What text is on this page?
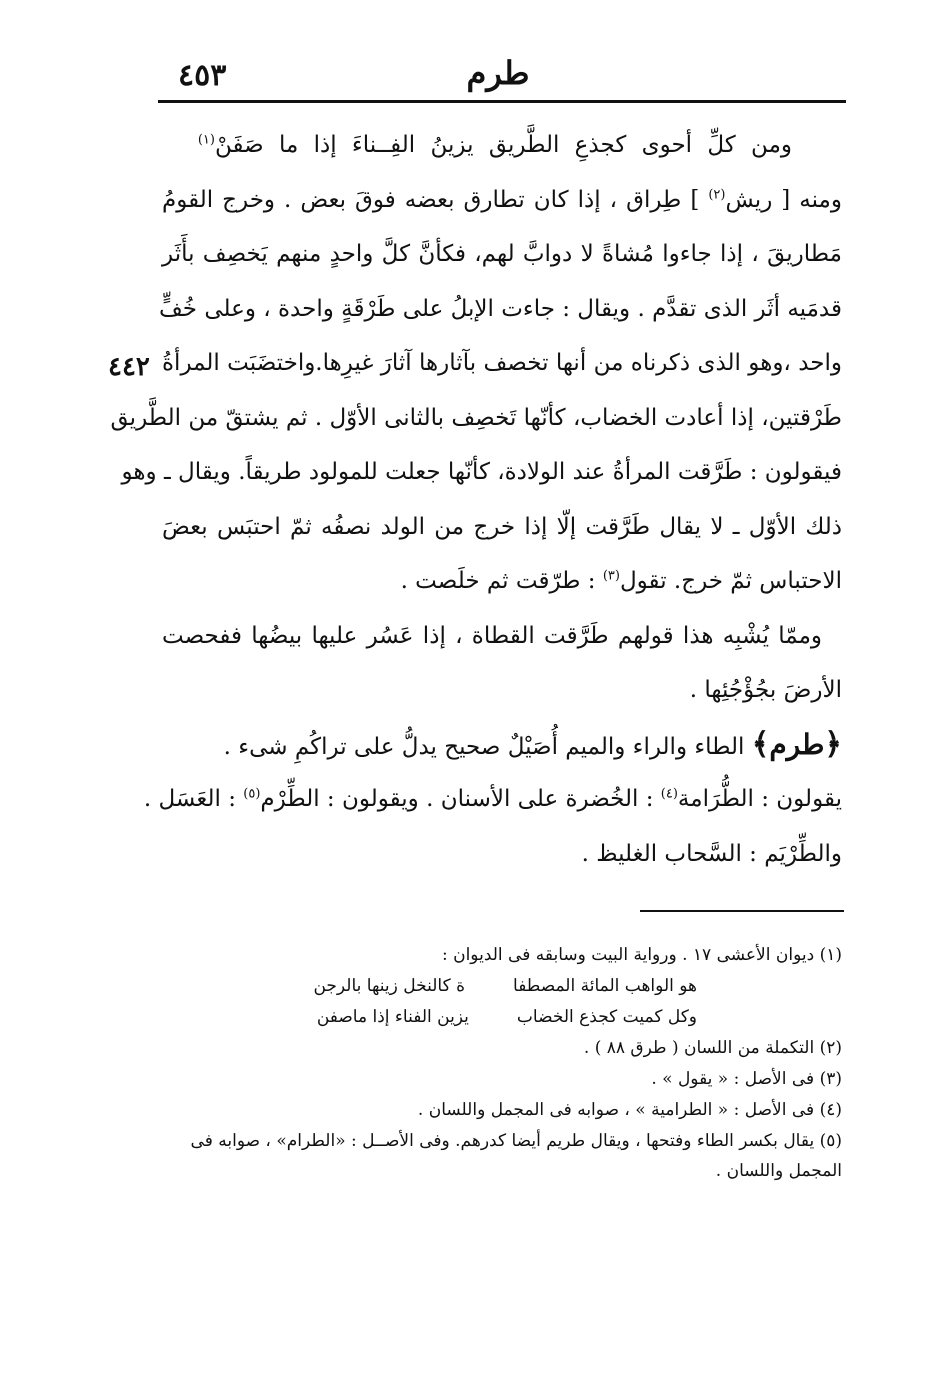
٤٥٣	طرم
٤٤٢
ومن كلِّ أحوى كجذعِ الطَّريق يزينُ الفِــناءَ إذا ما صَفَنْ$^{(١)}$
ومنه [ ريش$^{(٢)}$ ] طِراق ، إذا كان تطارق بعضه فوقَ بعض . وخرج القومُ
مَطاريقَ ، إذا جاءوا مُشاةً لا دوابَّ لهم، فكأنَّ كلَّ واحدٍ منهم يَخصِف بأَثَر
قدمَيه أثَر الذى تقدَّم . ويقال : جاءت الإبلُ على طَرْقَةٍ واحدة ، وعلى خُفٍّ
واحد ،وهو الذى ذكرناه من أنها تخصف بآثارها آثارَ غيرِها.واختضَبَت المرأةُ
طَرْقتين، إذا أعادت الخضاب، كأنّها تَخصِف بالثانى الأوّل . ثم يشتقّ من الطَّريق
فيقولون : طَرَّقت المرأةُ عند الولادة، كأنّها جعلت للمولود طريقاً. ويقال ـ وهو
ذلك الأوّل ـ لا يقال طَرَّقت إلّا إذا خرج من الولد نصفُه ثمّ احتبَس بعضَ
الاحتباس ثمّ خرج. تقول$^{(٣)}$ : طرّقت ثم خلَصت .
وممّا يُشْبِه هذا قولهم طَرَّقت القطاة ، إذا عَسُر عليها بيضُها ففحصت
الأرضَ بجُؤْجُئِها .
﴿طرم﴾ الطاء والراء والميم أُصَيْلٌ صحيح يدلُّ على تراكُمِ شىء .
يقولون : الطُّرَامة$^{(٤)}$ : الخُضرة على الأسنان . ويقولون : الطِّرْم$^{(٥)}$ : العَسَل .
والطِّرْيَم : السَّحاب الغليظ .
(١) ديوان الأعشى ١٧ . ورواية البيت وسابقه فى الديوان :
هو الواهب المائة المصطفا
ة كالنخل زينها بالرجن
وكل كميت كجذع الخضاب
يزين الفناء إذا ماصفن
(٢) التكملة من اللسان ( طرق ٨٨ ) .
(٣) فى الأصل : « يقول » .
(٤) فى الأصل : « الطرامية » ، صوابه فى المجمل واللسان .
(٥) يقال بكسر الطاء وفتحها ، ويقال طريم أيضا كدرهم. وفى الأصــل : «الطرام» ، صوابه فى المجمل واللسان .
